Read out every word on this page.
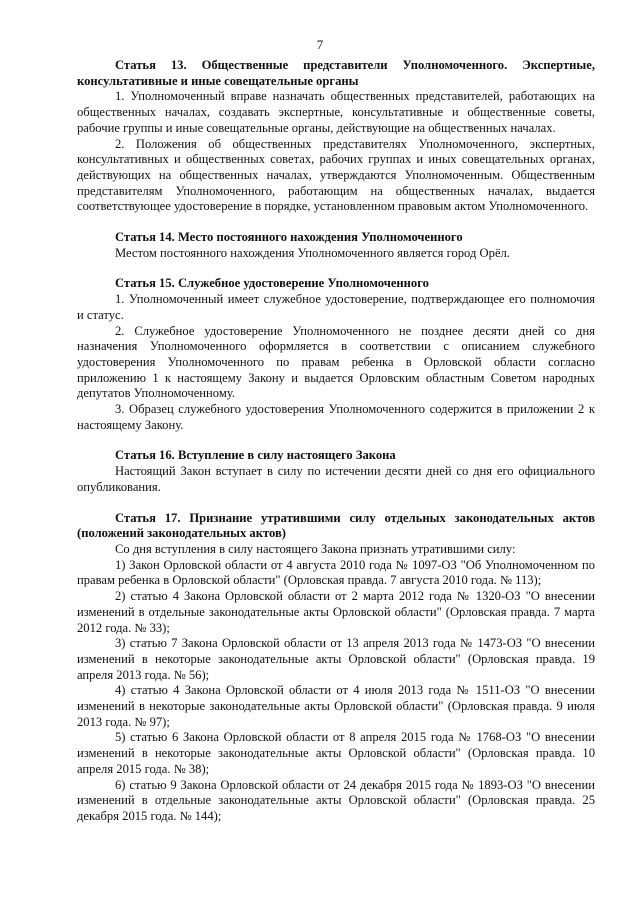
7

Статья 13. Общественные представители Уполномоченного. Экспертные, консультативные и иные совещательные органы

1. Уполномоченный вправе назначать общественных представителей, работающих на общественных началах, создавать экспертные, консультативные и общественные советы, рабочие группы и иные совещательные органы, действующие на общественных началах.

2. Положения об общественных представителях Уполномоченного, экспертных, консультативных и общественных советах, рабочих группах и иных совещательных органах, действующих на общественных началах, утверждаются Уполномоченным. Общественным представителям Уполномоченного, работающим на общественных началах, выдается соответствующее удостоверение в порядке, установленном правовым актом Уполномоченного.

Статья 14. Место постоянного нахождения Уполномоченного

Местом постоянного нахождения Уполномоченного является город Орёл.

Статья 15. Служебное удостоверение Уполномоченного

1. Уполномоченный имеет служебное удостоверение, подтверждающее его полномочия и статус.

2. Служебное удостоверение Уполномоченного не позднее десяти дней со дня назначения Уполномоченного оформляется в соответствии с описанием служебного удостоверения Уполномоченного по правам ребенка в Орловской области согласно приложению 1 к настоящему Закону и выдается Орловским областным Советом народных депутатов Уполномоченному.

3. Образец служебного удостоверения Уполномоченного содержится в приложении 2 к настоящему Закону.

Статья 16. Вступление в силу настоящего Закона

Настоящий Закон вступает в силу по истечении десяти дней со дня его официального опубликования.

Статья 17. Признание утратившими силу отдельных законодательных актов (положений законодательных актов)

Со дня вступления в силу настоящего Закона признать утратившими силу:

1) Закон Орловской области от 4 августа 2010 года № 1097-ОЗ "Об Уполномоченном по правам ребенка в Орловской области" (Орловская правда. 7 августа 2010 года. № 113);

2) статью 4 Закона Орловской области от 2 марта 2012 года № 1320-ОЗ "О внесении изменений в отдельные законодательные акты Орловской области" (Орловская правда. 7 марта 2012 года. № 33);

3) статью 7 Закона Орловской области от 13 апреля 2013 года № 1473-ОЗ "О внесении изменений в некоторые законодательные акты Орловской области" (Орловская правда. 19 апреля 2013 года. № 56);

4) статью 4 Закона Орловской области от 4 июля 2013 года № 1511-ОЗ "О внесении изменений в некоторые законодательные акты Орловской области" (Орловская правда. 9 июля 2013 года. № 97);

5) статью 6 Закона Орловской области от 8 апреля 2015 года № 1768-ОЗ "О внесении изменений в некоторые законодательные акты Орловской области" (Орловская правда. 10 апреля 2015 года. № 38);

6) статью 9 Закона Орловской области от 24 декабря 2015 года № 1893-ОЗ "О внесении изменений в отдельные законодательные акты Орловской области" (Орловская правда. 25 декабря 2015 года. № 144);
